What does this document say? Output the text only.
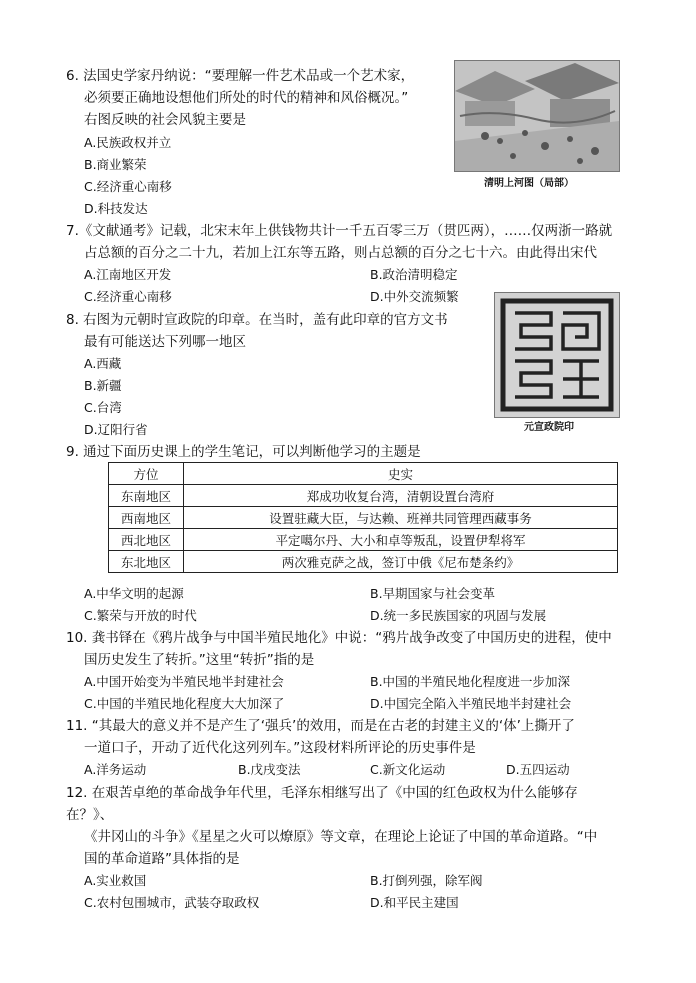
6. 法国史学家丹纳说：“要理解一件艺术品或一个艺术家，
必须要正确地设想他们所处的时代的精神和风俗概况。”
右图反映的社会风貌主要是
A.民族政权并立
B.商业繁荣
C.经济重心南移
D.科技发达
清明上河图（局部）
7.《文献通考》记载，北宋末年上供钱物共计一千五百零三万（贯匹两），……仅两浙一路就
占总额的百分之二十九，若加上江东等五路，则占总额的百分之七十六。由此得出宋代
A.江南地区开发	B.政治清明稳定
C.经济重心南移	D.中外交流频繁
8. 右图为元朝时宣政院的印章。在当时，盖有此印章的官方文书
最有可能送达下列哪一地区
A.西藏
B.新疆
C.台湾
D.辽阳行省	元宣政院印
9. 通过下面历史课上的学生笔记，可以判断他学习的主题是
方位	史实
东南地区	郑成功收复台湾，清朝设置台湾府
西南地区	设置驻藏大臣，与达赖、班禅共同管理西藏事务
西北地区	平定噶尔丹、大小和卓等叛乱，设置伊犁将军
东北地区	两次雅克萨之战，签订中俄《尼布楚条约》
A.中华文明的起源	B.早期国家与社会变革
C.繁荣与开放的时代	D.统一多民族国家的巩固与发展
10. 龚书铎在《鸦片战争与中国半殖民地化》中说：“鸦片战争改变了中国历史的进程，使中
国历史发生了转折。”这里“转折”指的是
A.中国开始变为半殖民地半封建社会	B.中国的半殖民地化程度进一步加深
C.中国的半殖民地化程度大大加深了	D.中国完全陷入半殖民地半封建社会
11. “其最大的意义并不是产生了‘强兵’的效用，而是在古老的封建主义的‘体’上撕开了
一道口子，开动了近代化这列列车。”这段材料所评论的历史事件是
A.洋务运动	B.戊戌变法	C.新文化运动	D.五四运动
12. 在艰苦卓绝的革命战争年代里，毛泽东相继写出了《中国的红色政权为什么能够存
在？》、
《井冈山的斗争》《星星之火可以燎原》等文章，在理论上论证了中国的革命道路。“中
国的革命道路”具体指的是
A.实业救国	B.打倒列强，除军阀
C.农村包围城市，武装夺取政权	D.和平民主建国
